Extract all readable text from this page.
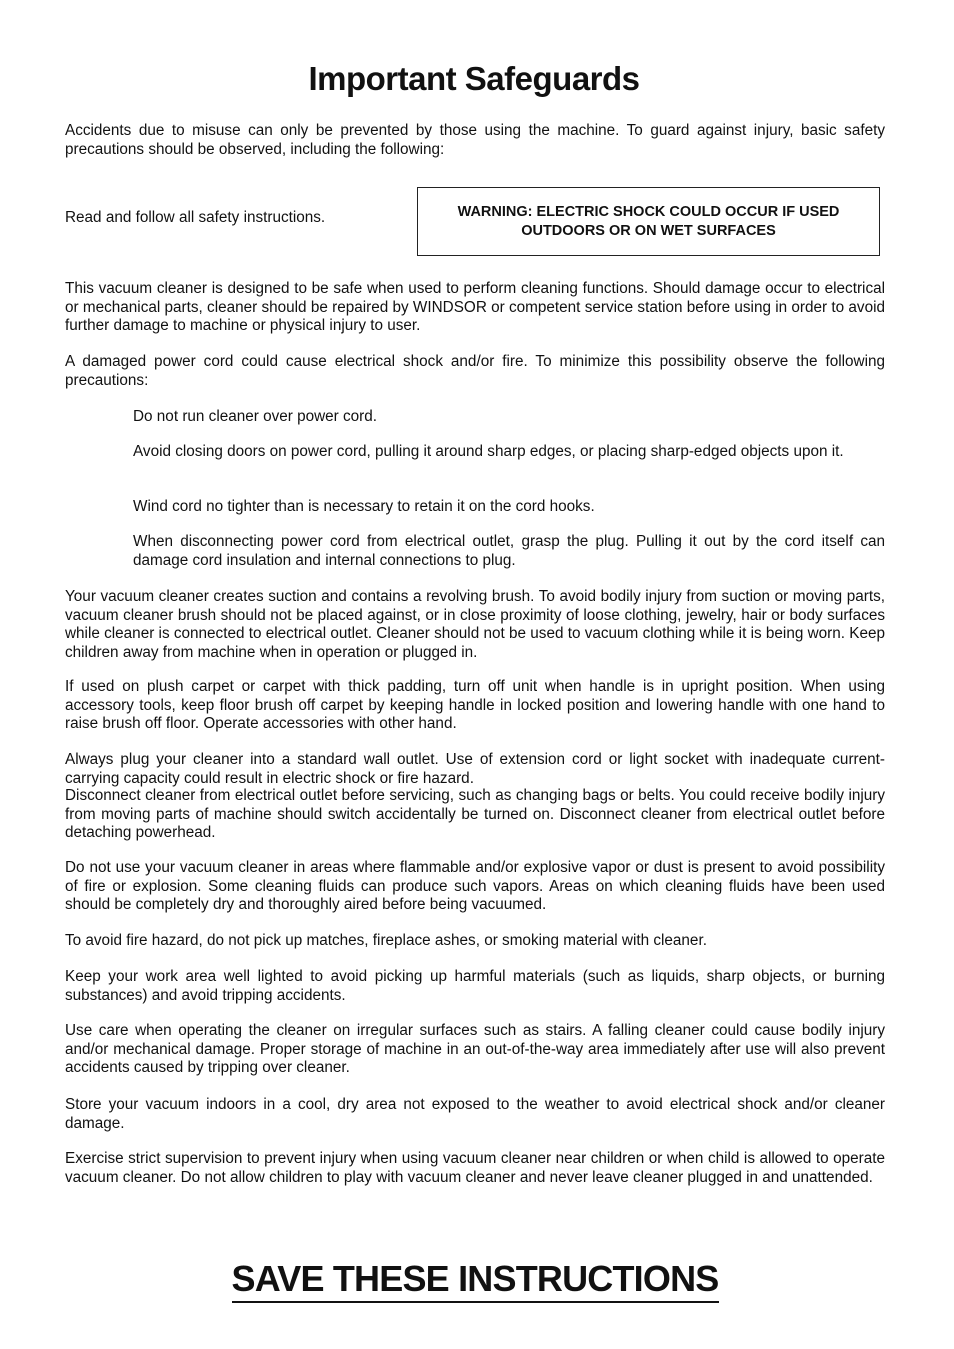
Important Safeguards

Accidents due to misuse can only be prevented by those using the machine. To guard against injury, basic safety precautions should be observed, including the following:

Read and follow all safety instructions.	WARNING: ELECTRIC SHOCK COULD OCCUR IF USED OUTDOORS OR ON WET SURFACES

This vacuum cleaner is designed to be safe when used to perform cleaning functions. Should damage occur to electrical or mechanical parts, cleaner should be repaired by WINDSOR or competent service station before using in order to avoid further damage to machine or physical injury to user.

A damaged power cord could cause electrical shock and/or fire. To minimize this possibility observe the following precautions:

Do not run cleaner over power cord.

Avoid closing doors on power cord, pulling it around sharp edges, or placing sharp-edged objects upon it.

Wind cord no tighter than is necessary to retain it on the cord hooks.

When disconnecting power cord from electrical outlet, grasp the plug. Pulling it out by the cord itself can damage cord insulation and internal connections to plug.

Your vacuum cleaner creates suction and contains a revolving brush. To avoid bodily injury from suction or moving parts, vacuum cleaner brush should not be placed against, or in close proximity of loose clothing, jewelry, hair or body surfaces while cleaner is connected to electrical outlet. Cleaner should not be used to vacuum clothing while it is being worn. Keep children away from machine when in operation or plugged in.

If used on plush carpet or carpet with thick padding, turn off unit when handle is in upright position. When using accessory tools, keep floor brush off carpet by keeping handle in locked position and lowering handle with one hand to raise brush off floor. Operate accessories with other hand.

Always plug your cleaner into a standard wall outlet. Use of extension cord or light socket with inadequate current-carrying capacity could result in electric shock or fire hazard.

Disconnect cleaner from electrical outlet before servicing, such as changing bags or belts. You could receive bodily injury from moving parts of machine should switch accidentally be turned on. Disconnect cleaner from electrical outlet before detaching powerhead.

Do not use your vacuum cleaner in areas where flammable and/or explosive vapor or dust is present to avoid possibility of fire or explosion. Some cleaning fluids can produce such vapors. Areas on which cleaning fluids have been used should be completely dry and thoroughly aired before being vacuumed.

To avoid fire hazard, do not pick up matches, fireplace ashes, or smoking material with cleaner.

Keep your work area well lighted to avoid picking up harmful materials (such as liquids, sharp objects, or burning substances) and avoid tripping accidents.

Use care when operating the cleaner on irregular surfaces such as stairs. A falling cleaner could cause bodily injury and/or mechanical damage. Proper storage of machine in an out-of-the-way area immediately after use will also prevent accidents caused by tripping over cleaner.

Store your vacuum indoors in a cool, dry area not exposed to the weather to avoid electrical shock and/or cleaner damage.

Exercise strict supervision to prevent injury when using vacuum cleaner near children or when child is allowed to operate vacuum cleaner. Do not allow children to play with vacuum cleaner and never leave cleaner plugged in and unattended.

SAVE THESE INSTRUCTIONS
